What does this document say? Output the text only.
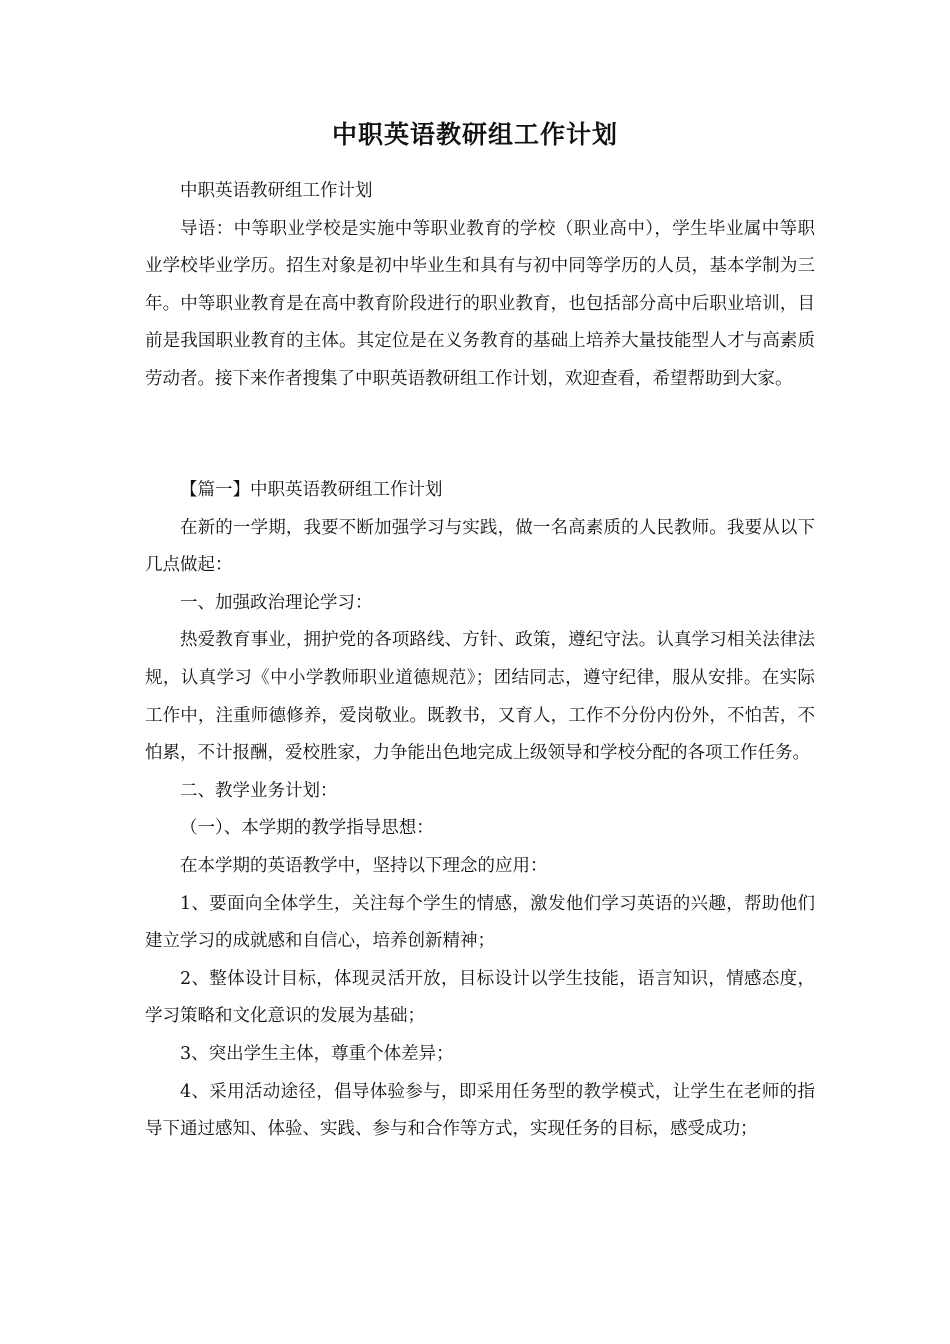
中职英语教研组工作计划

中职英语教研组工作计划

导语：中等职业学校是实施中等职业教育的学校（职业高中），学生毕业属中等职业学校毕业学历。招生对象是初中毕业生和具有与初中同等学历的人员，基本学制为三年。中等职业教育是在高中教育阶段进行的职业教育，也包括部分高中后职业培训，目前是我国职业教育的主体。其定位是在义务教育的基础上培养大量技能型人才与高素质劳动者。接下来作者搜集了中职英语教研组工作计划，欢迎查看，希望帮助到大家。

【篇一】中职英语教研组工作计划

在新的一学期，我要不断加强学习与实践，做一名高素质的人民教师。我要从以下几点做起：

一、加强政治理论学习：

热爱教育事业，拥护党的各项路线、方针、政策，遵纪守法。认真学习相关法律法规，认真学习《中小学教师职业道德规范》；团结同志，遵守纪律，服从安排。在实际工作中，注重师德修养，爱岗敬业。既教书，又育人，工作不分份内份外，不怕苦，不怕累，不计报酬，爱校胜家，力争能出色地完成上级领导和学校分配的各项工作任务。

二、教学业务计划：

（一）、本学期的教学指导思想：

在本学期的英语教学中，坚持以下理念的应用：

1、要面向全体学生，关注每个学生的情感，激发他们学习英语的兴趣，帮助他们建立学习的成就感和自信心，培养创新精神；

2、整体设计目标，体现灵活开放，目标设计以学生技能，语言知识，情感态度，学习策略和文化意识的发展为基础；

3、突出学生主体，尊重个体差异；

4、采用活动途径，倡导体验参与，即采用任务型的教学模式，让学生在老师的指导下通过感知、体验、实践、参与和合作等方式，实现任务的目标，感受成功；
